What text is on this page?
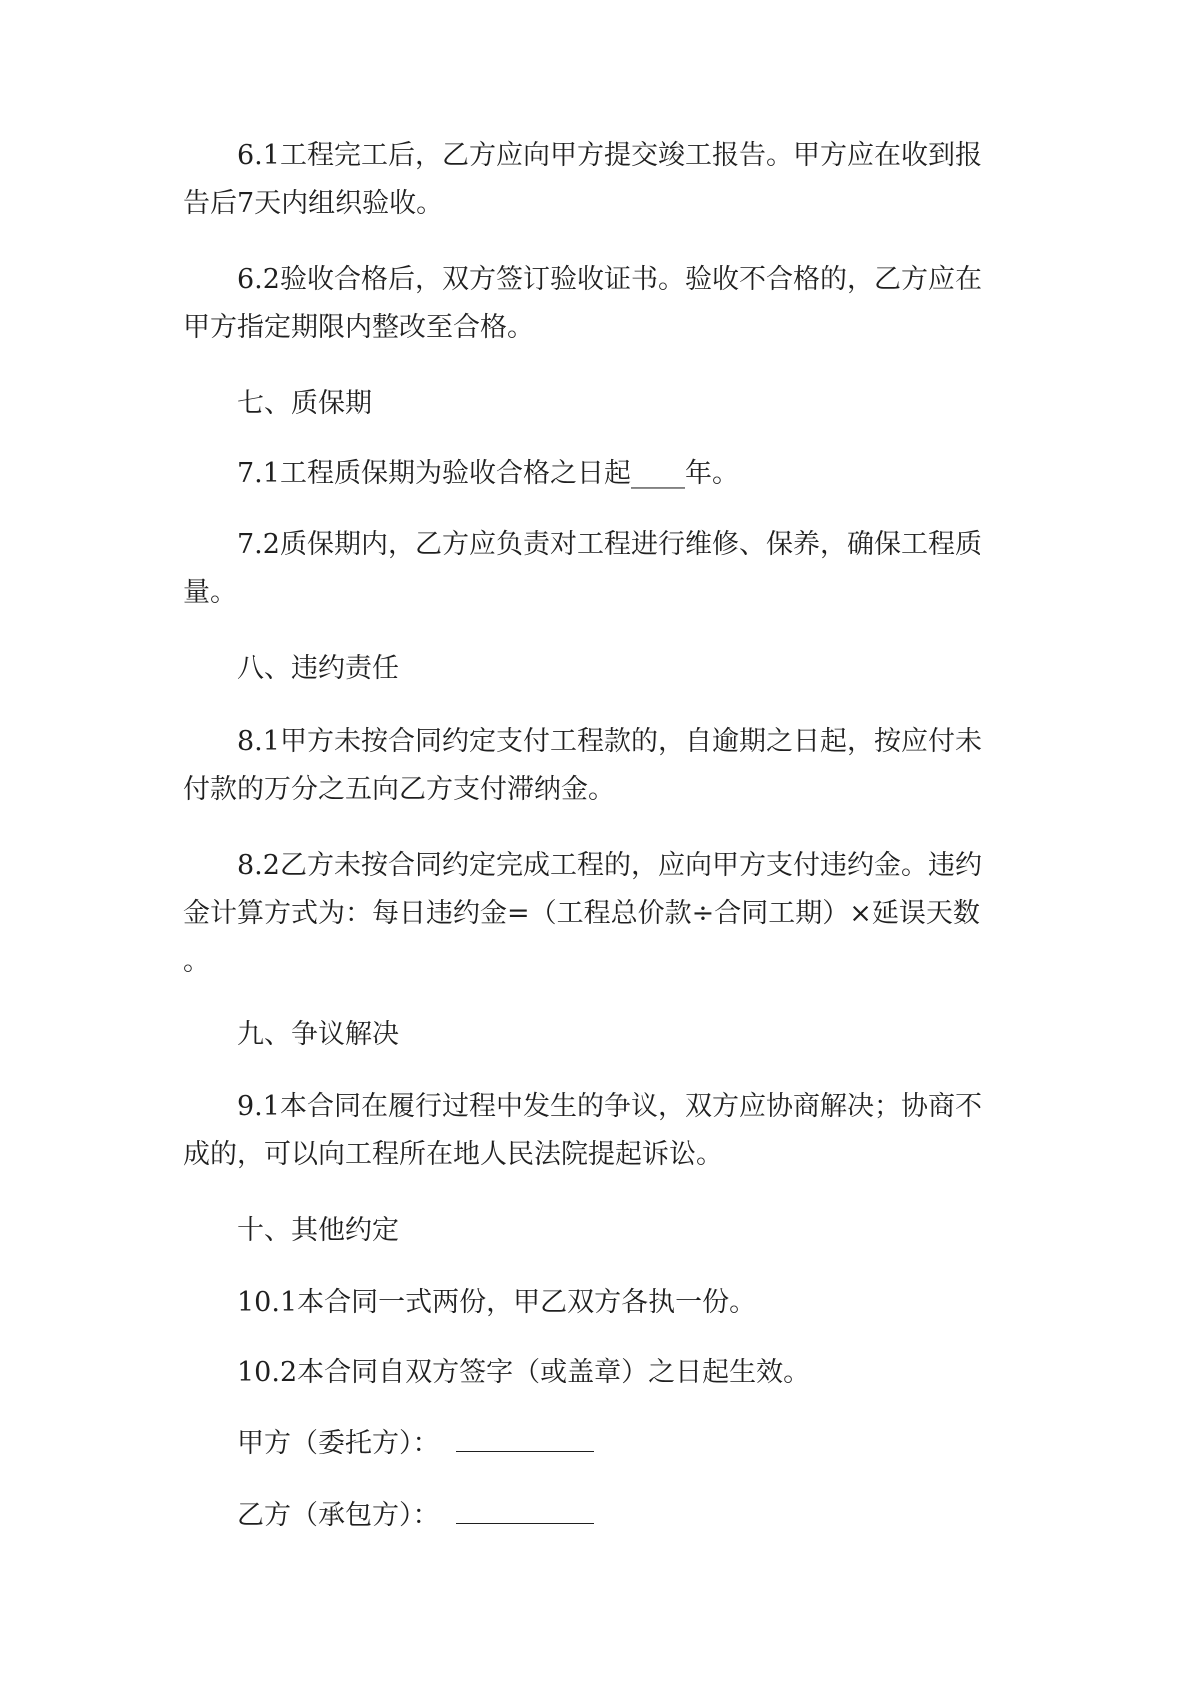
6.1工程完工后，乙方应向甲方提交竣工报告。甲方应在收到报
告后7天内组织验收。

6.2验收合格后，双方签订验收证书。验收不合格的，乙方应在
甲方指定期限内整改至合格。

七、质保期

7.1工程质保期为验收合格之日起____年。

7.2质保期内，乙方应负责对工程进行维修、保养，确保工程质
量。

八、违约责任

8.1甲方未按合同约定支付工程款的，自逾期之日起，按应付未
付款的万分之五向乙方支付滞纳金。

8.2乙方未按合同约定完成工程的，应向甲方支付违约金。违约
金计算方式为：每日违约金=（工程总价款÷合同工期）×延误天数
。

九、争议解决

9.1本合同在履行过程中发生的争议，双方应协商解决；协商不
成的，可以向工程所在地人民法院提起诉讼。

十、其他约定

10.1本合同一式两份，甲乙双方各执一份。

10.2本合同自双方签字（或盖章）之日起生效。

甲方（委托方）：
乙方（承包方）：
